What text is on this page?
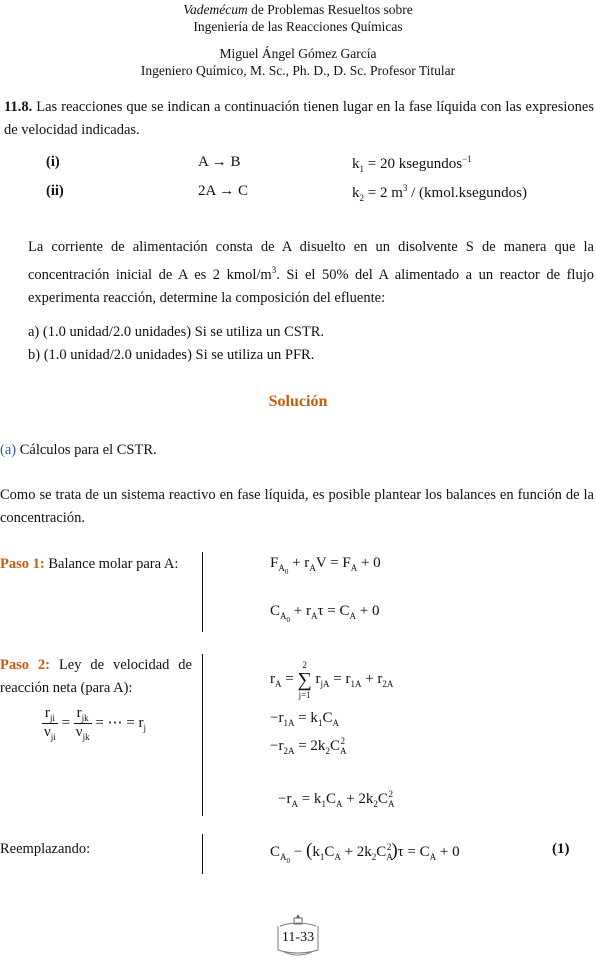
Vademécum de Problemas Resueltos sobre
Ingeniería de las Reacciones Químicas
Miguel Ángel Gómez García
Ingeniero Químico, M. Sc., Ph. D., D. Sc. Profesor Titular
11.8. Las reacciones que se indican a continuación tienen lugar en la fase líquida con las expresiones de velocidad indicadas.
(i)	A → B	$k_1 = 20$ ksegundos$^{-1}$
(ii)	2A → C	$k_2 = 2$ $m^3$ / (kmol.ksegundos)
La corriente de alimentación consta de A disuelto en un disolvente S de manera que la concentración inicial de A es 2 kmol/$m^3$. Si el 50% del A alimentado a un reactor de flujo experimenta reacción, determine la composición del efluente:
a) (1.0 unidad/2.0 unidades) Si se utiliza un CSTR.
b) (1.0 unidad/2.0 unidades) Si se utiliza un PFR.
Solución
(a) Cálculos para el CSTR.
Como se trata de un sistema reactivo en fase líquida, es posible plantear los balances en función de la concentración.
Paso 1: Balance molar para A:	$F_{A_0} + r_AV = F_A + 0$
$C_{A_0} + r_A\tau = C_A + 0$
Paso 2: Ley de velocidad de reacción neta (para A):
$\frac{r_{ji}}{\nu_{ji}} = \frac{r_{jk}}{\nu_{jk}}$ = ⋯ = $r_j$
$r_A$ =
2
∑
j=1
$r_{jA} = r_{1A} + r_{2A}$
$-r_{1A} = k_1C_A$
$-r_{2A} = 2k_2C_A^2$
$-r_A = k_1C_A + 2k_2C_A^2$
Reemplazando:	$C_{A_0} - (k_1C_A + 2k_2C_A^2)\tau = C_A + 0$	(1)
11-33
